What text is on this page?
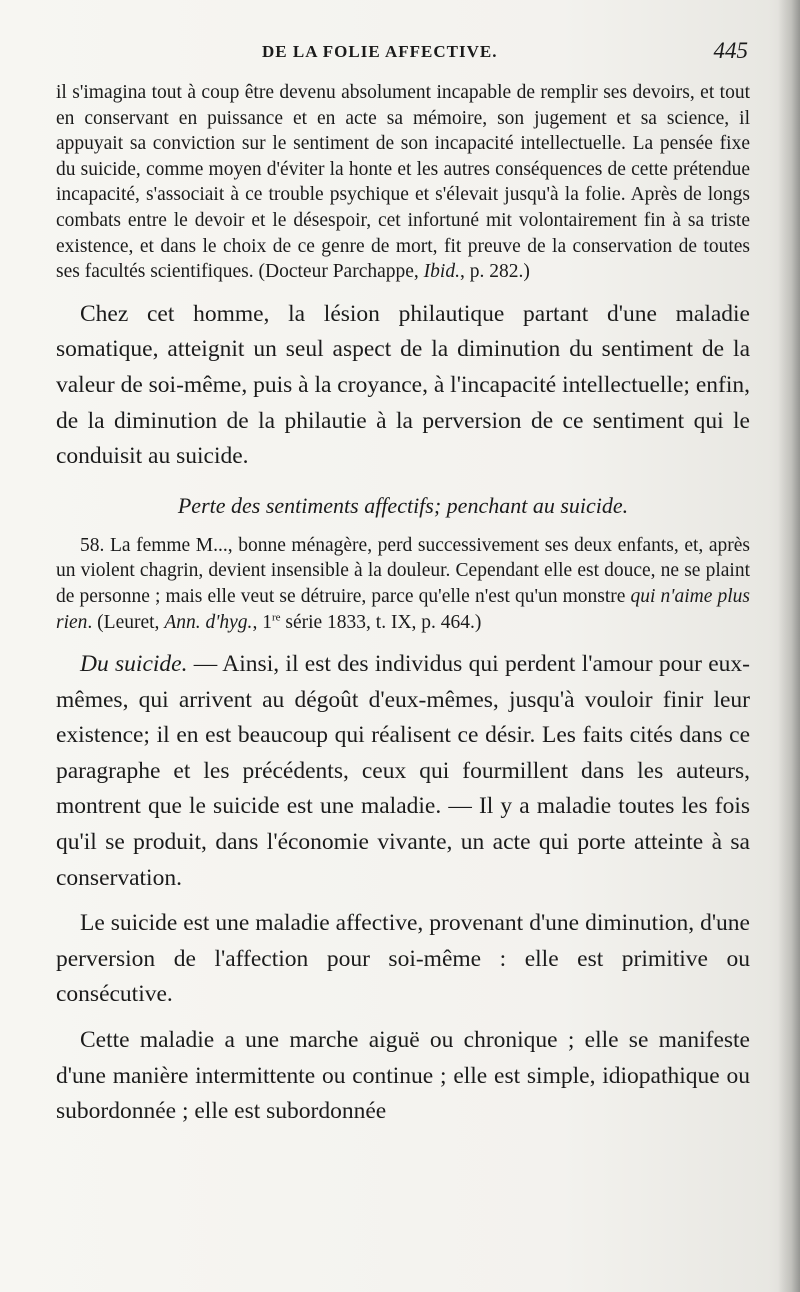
DE LA FOLIE AFFECTIVE.	445

il s'imagina tout à coup être devenu absolument incapable de remplir ses devoirs, et tout en conservant en puissance et en acte sa mémoire, son jugement et sa science, il appuyait sa conviction sur le sentiment de son incapacité intellectuelle. La pensée fixe du suicide, comme moyen d'éviter la honte et les autres conséquences de cette prétendue incapacité, s'associait à ce trouble psychique et s'élevait jusqu'à la folie. Après de longs combats entre le devoir et le désespoir, cet infortuné mit volontairement fin à sa triste existence, et dans le choix de ce genre de mort, fit preuve de la conservation de toutes ses facultés scientifiques. (Docteur Parchappe, Ibid., p. 282.)

Chez cet homme, la lésion philautique partant d'une maladie somatique, atteignit un seul aspect de la diminution du sentiment de la valeur de soi-même, puis à la croyance, à l'incapacité intellectuelle; enfin, de la diminution de la philautie à la perversion de ce sentiment qui le conduisit au suicide.

Perte des sentiments affectifs; penchant au suicide.

58. La femme M..., bonne ménagère, perd successivement ses deux enfants, et, après un violent chagrin, devient insensible à la douleur. Cependant elle est douce, ne se plaint de personne ; mais elle veut se détruire, parce qu'elle n'est qu'un monstre qui n'aime plus rien. (Leuret, Ann. d'hyg., 1re série 1833, t. IX, p. 464.)

Du suicide. — Ainsi, il est des individus qui perdent l'amour pour eux-mêmes, qui arrivent au dégoût d'eux-mêmes, jusqu'à vouloir finir leur existence; il en est beaucoup qui réalisent ce désir. Les faits cités dans ce paragraphe et les précédents, ceux qui fourmillent dans les auteurs, montrent que le suicide est une maladie. — Il y a maladie toutes les fois qu'il se produit, dans l'économie vivante, un acte qui porte atteinte à sa conservation.

Le suicide est une maladie affective, provenant d'une diminution, d'une perversion de l'affection pour soi-même : elle est primitive ou consécutive.

Cette maladie a une marche aiguë ou chronique ; elle se manifeste d'une manière intermittente ou continue ; elle est simple, idiopathique ou subordonnée ; elle est subordonnée
